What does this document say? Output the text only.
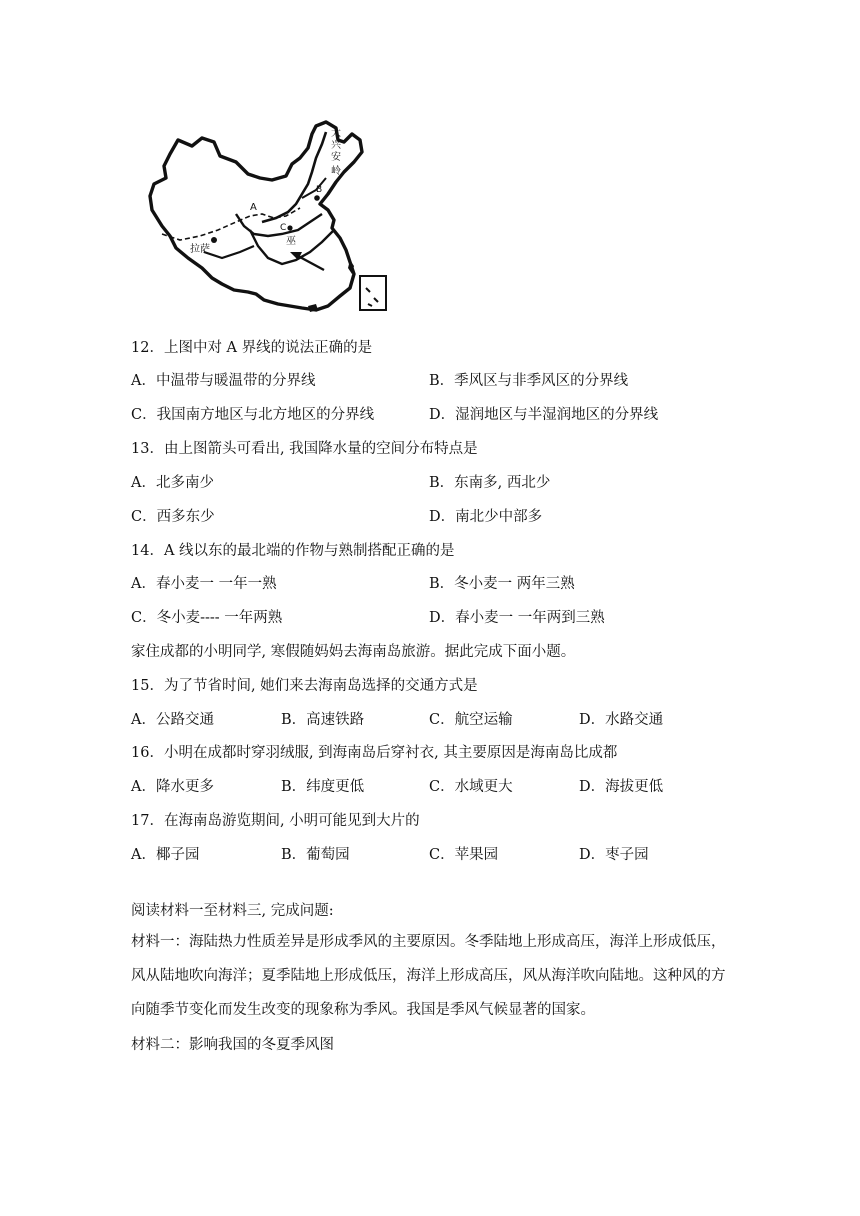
大兴安岭
拉萨
A
B
C
巫
12．上图中对 A 界线的说法正确的是
A．中温带与暖温带的分界线	B．季风区与非季风区的分界线
C．我国南方地区与北方地区的分界线	D．湿润地区与半湿润地区的分界线
13．由上图箭头可看出, 我国降水量的空间分布特点是
A．北多南少	B．东南多, 西北少
C．西多东少	D．南北少中部多
14．A 线以东的最北端的作物与熟制搭配正确的是
A．春小麦一 一年一熟	B．冬小麦一 两年三熟
C．冬小麦---- 一年两熟	D．春小麦一 一年两到三熟
家住成都的小明同学, 寒假随妈妈去海南岛旅游。据此完成下面小题。
15．为了节省时间, 她们来去海南岛选择的交通方式是
A．公路交通	B．高速铁路	C．航空运输	D．水路交通
16．小明在成都时穿羽绒服, 到海南岛后穿衬衣, 其主要原因是海南岛比成都
A．降水更多	B．纬度更低	C．水域更大	D．海拔更低
17．在海南岛游览期间, 小明可能见到大片的
A．椰子园	B．葡萄园	C．苹果园	D．枣子园
阅读材料一至材料三, 完成问题:
材料一：海陆热力性质差异是形成季风的主要原因。冬季陆地上形成高压，海洋上形成低压，风从陆地吹向海洋；夏季陆地上形成低压，海洋上形成高压，风从海洋吹向陆地。这种风的方向随季节变化而发生改变的现象称为季风。我国是季风气候显著的国家。
材料二：影响我国的冬夏季风图
